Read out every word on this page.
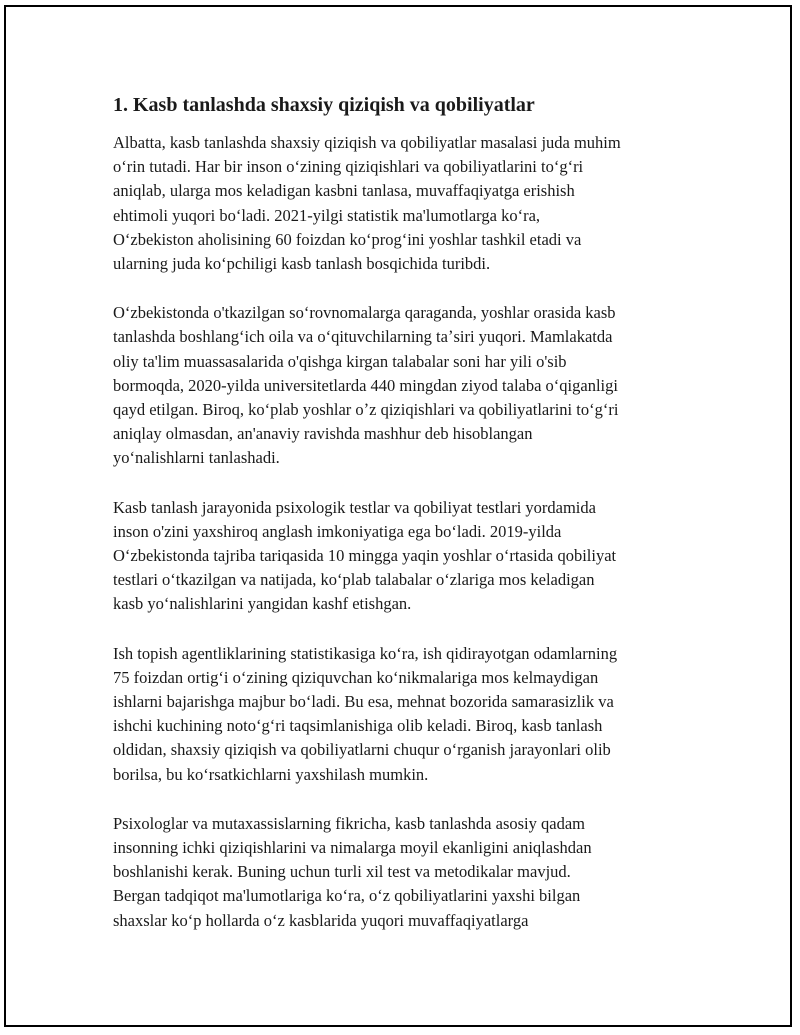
1. Kasb tanlashda shaxsiy qiziqish va qobiliyatlar

Albatta, kasb tanlashda shaxsiy qiziqish va qobiliyatlar masalasi juda muhim
oʻrin tutadi. Har bir inson oʻzining qiziqishlari va qobiliyatlarini toʻgʻri
aniqlab, ularga mos keladigan kasbni tanlasa, muvaffaqiyatga erishish
ehtimoli yuqori boʻladi. 2021-yilgi statistik ma'lumotlarga koʻra,
Oʻzbekiston aholisining 60 foizdan koʻprogʻini yoshlar tashkil etadi va
ularning juda koʻpchiligi kasb tanlash bosqichida turibdi.

Oʻzbekistonda o'tkazilgan soʻrovnomalarga qaraganda, yoshlar orasida kasb
tanlashda boshlangʻich oila va oʻqituvchilarning taʼsiri yuqori. Mamlakatda
oliy ta'lim muassasalarida o'qishga kirgan talabalar soni har yili o'sib
bormoqda, 2020-yilda universitetlarda 440 mingdan ziyod talaba oʻqiganligi
qayd etilgan. Biroq, koʻplab yoshlar oʼz qiziqishlari va qobiliyatlarini toʻgʻri
aniqlay olmasdan, an'anaviy ravishda mashhur deb hisoblangan
yoʻnalishlarni tanlashadi.

Kasb tanlash jarayonida psixologik testlar va qobiliyat testlari yordamida
inson o'zini yaxshiroq anglash imkoniyatiga ega boʻladi. 2019-yilda
Oʻzbekistonda tajriba tariqasida 10 mingga yaqin yoshlar oʻrtasida qobiliyat
testlari oʻtkazilgan va natijada, koʻplab talabalar oʻzlariga mos keladigan
kasb yoʻnalishlarini yangidan kashf etishgan.

Ish topish agentliklarining statistikasiga koʻra, ish qidirayotgan odamlarning
75 foizdan ortigʻi oʻzining qiziquvchan koʻnikmalariga mos kelmaydigan
ishlarni bajarishga majbur boʻladi. Bu esa, mehnat bozorida samarasizlik va
ishchi kuchining notoʻgʻri taqsimlanishiga olib keladi. Biroq, kasb tanlash
oldidan, shaxsiy qiziqish va qobiliyatlarni chuqur oʻrganish jarayonlari olib
borilsa, bu koʻrsatkichlarni yaxshilash mumkin.

Psixologlar va mutaxassislarning fikricha, kasb tanlashda asosiy qadam
insonning ichki qiziqishlarini va nimalarga moyil ekanligini aniqlashdan
boshlanishi kerak. Buning uchun turli xil test va metodikalar mavjud.
Bergan tadqiqot ma'lumotlariga koʻra, oʻz qobiliyatlarini yaxshi bilgan
shaxslar koʻp hollarda oʻz kasblarida yuqori muvaffaqiyatlarga
